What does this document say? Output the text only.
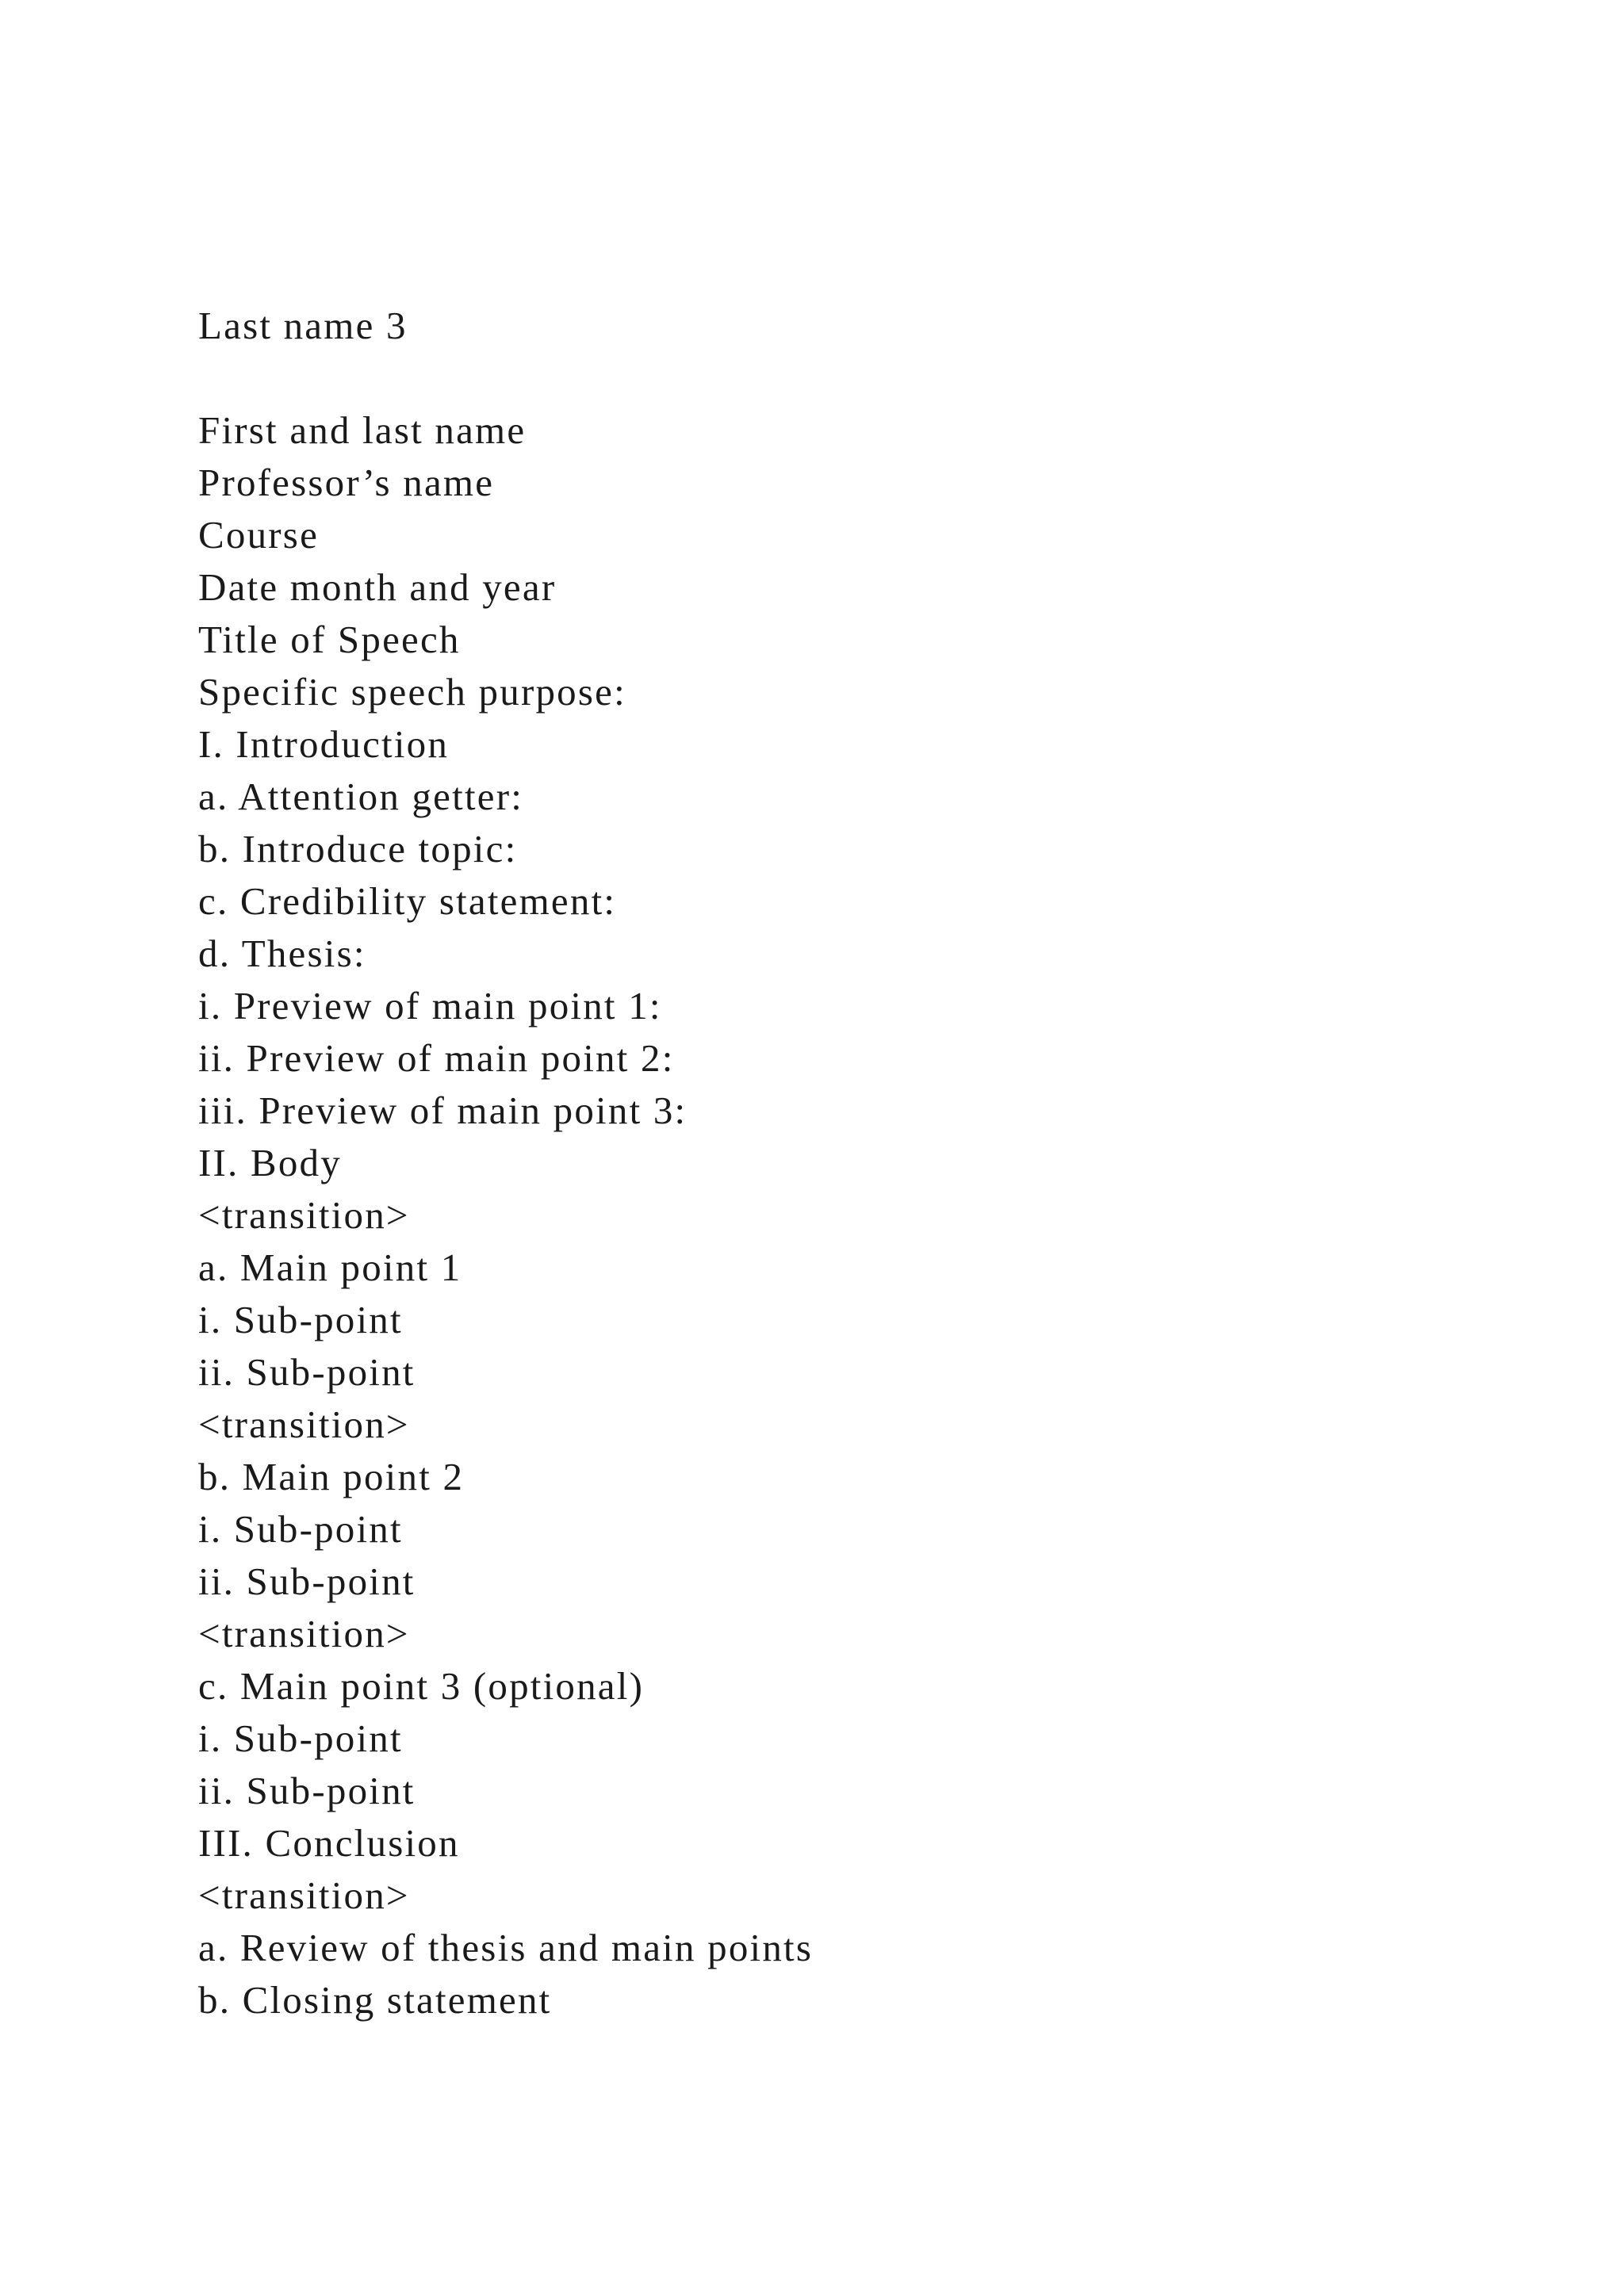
Last name 3
First and last name
Professor’s name
Course
Date month and year
Title of Speech
Specific speech purpose:
I. Introduction
a. Attention getter:
b. Introduce topic:
c. Credibility statement:
d. Thesis:
i. Preview of main point 1:
ii. Preview of main point 2:
iii. Preview of main point 3:
II. Body
<transition>
a. Main point 1
i. Sub-point
ii. Sub-point
<transition>
b. Main point 2
i. Sub-point
ii. Sub-point
<transition>
c. Main point 3 (optional)
i. Sub-point
ii. Sub-point
III. Conclusion
<transition>
a. Review of thesis and main points
b. Closing statement
